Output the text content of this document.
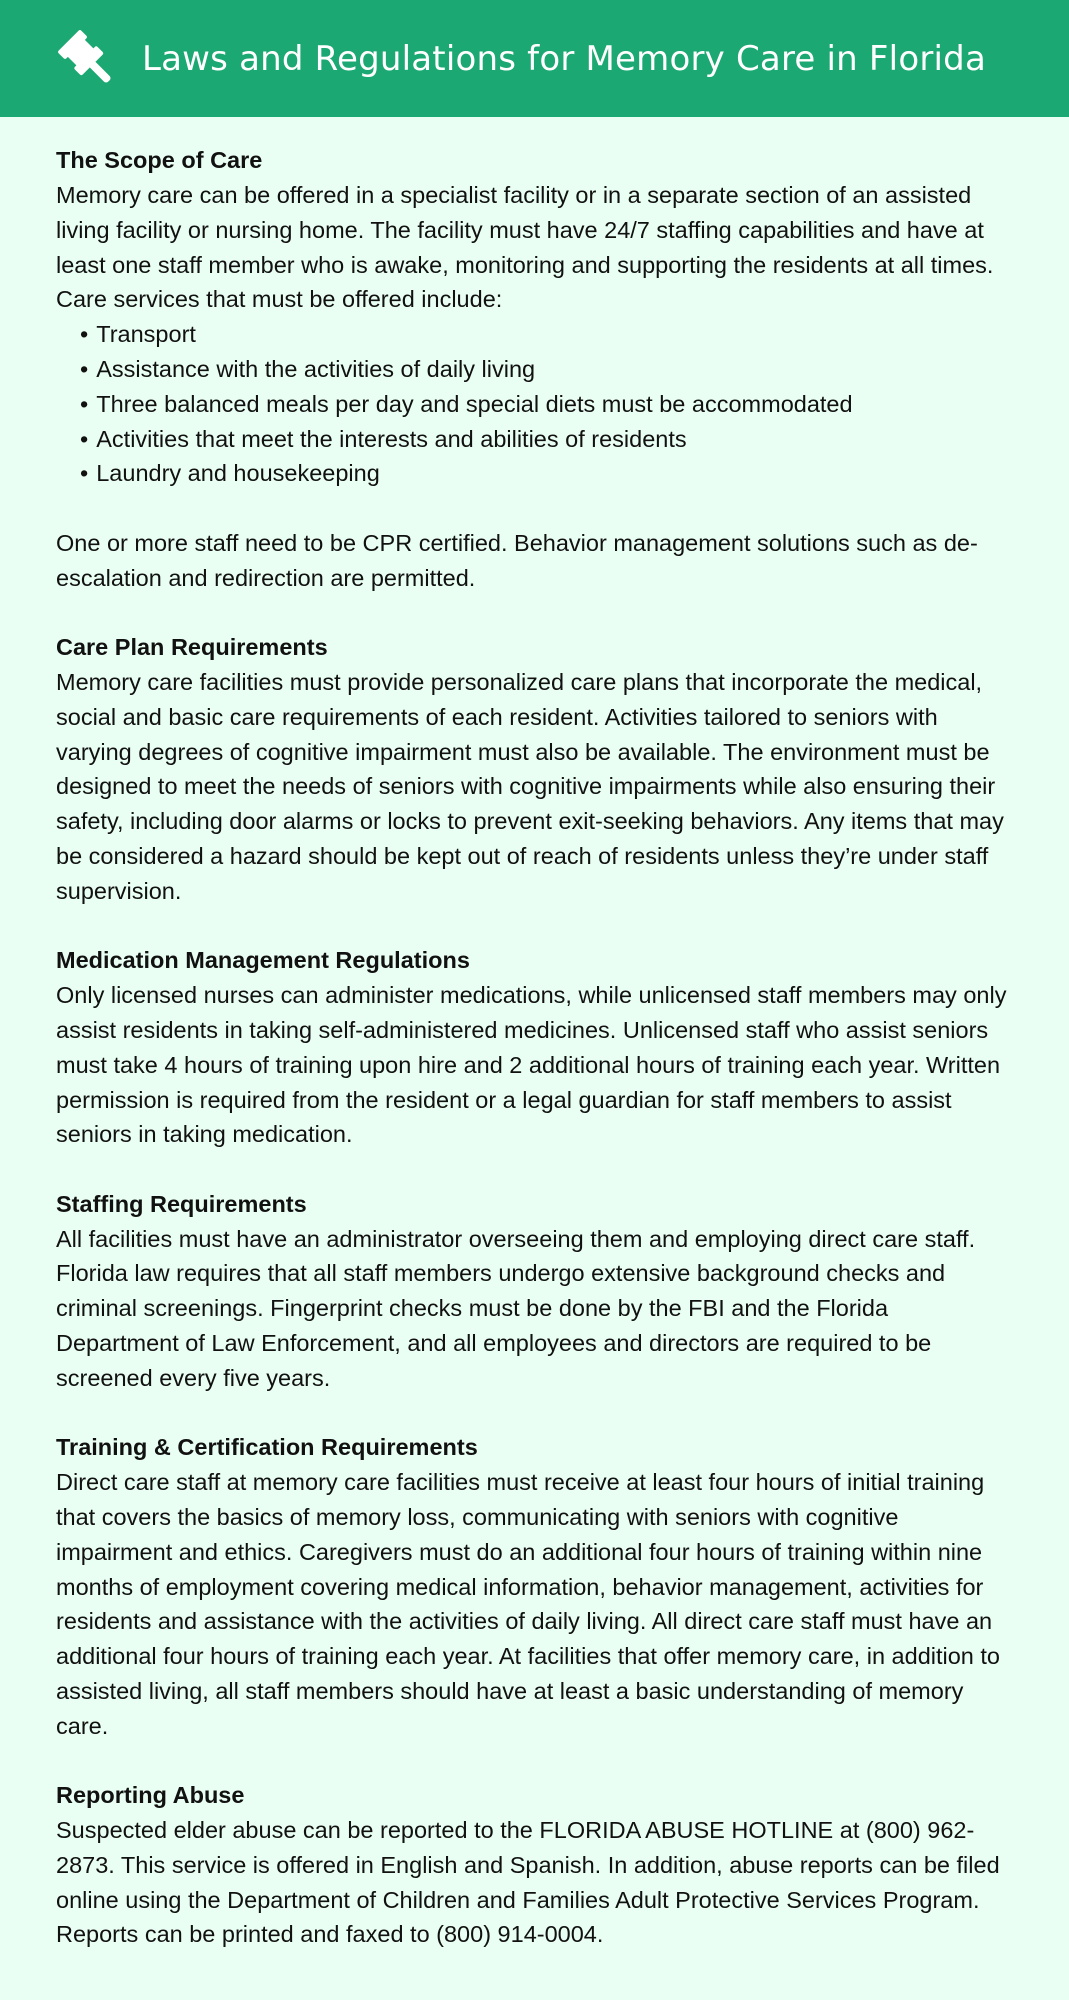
Laws and Regulations for Memory Care in Florida
The Scope of Care

Memory care can be offered in a specialist facility or in a separate section of an assisted living facility or nursing home. The facility must have 24/7 staffing capabilities and have at least one staff member who is awake, monitoring and supporting the residents at all times. Care services that must be offered include:

• Transport
• Assistance with the activities of daily living
• Three balanced meals per day and special diets must be accommodated
• Activities that meet the interests and abilities of residents
• Laundry and housekeeping

One or more staff need to be CPR certified. Behavior management solutions such as de-escalation and redirection are permitted.

Care Plan Requirements

Memory care facilities must provide personalized care plans that incorporate the medical, social and basic care requirements of each resident. Activities tailored to seniors with varying degrees of cognitive impairment must also be available. The environment must be designed to meet the needs of seniors with cognitive impairments while also ensuring their safety, including door alarms or locks to prevent exit-seeking behaviors. Any items that may be considered a hazard should be kept out of reach of residents unless they’re under staff supervision.

Medication Management Regulations

Only licensed nurses can administer medications, while unlicensed staff members may only assist residents in taking self-administered medicines. Unlicensed staff who assist seniors must take 4 hours of training upon hire and 2 additional hours of training each year. Written permission is required from the resident or a legal guardian for staff members to assist seniors in taking medication.

Staffing Requirements

All facilities must have an administrator overseeing them and employing direct care staff. Florida law requires that all staff members undergo extensive background checks and criminal screenings. Fingerprint checks must be done by the FBI and the Florida Department of Law Enforcement, and all employees and directors are required to be screened every five years.

Training & Certification Requirements

Direct care staff at memory care facilities must receive at least four hours of initial training that covers the basics of memory loss, communicating with seniors with cognitive impairment and ethics. Caregivers must do an additional four hours of training within nine months of employment covering medical information, behavior management, activities for residents and assistance with the activities of daily living. All direct care staff must have an additional four hours of training each year. At facilities that offer memory care, in addition to assisted living, all staff members should have at least a basic understanding of memory care.

Reporting Abuse

Suspected elder abuse can be reported to the FLORIDA ABUSE HOTLINE at (800) 962-2873. This service is offered in English and Spanish. In addition, abuse reports can be filed online using the Department of Children and Families Adult Protective Services Program. Reports can be printed and faxed to (800) 914-0004.
